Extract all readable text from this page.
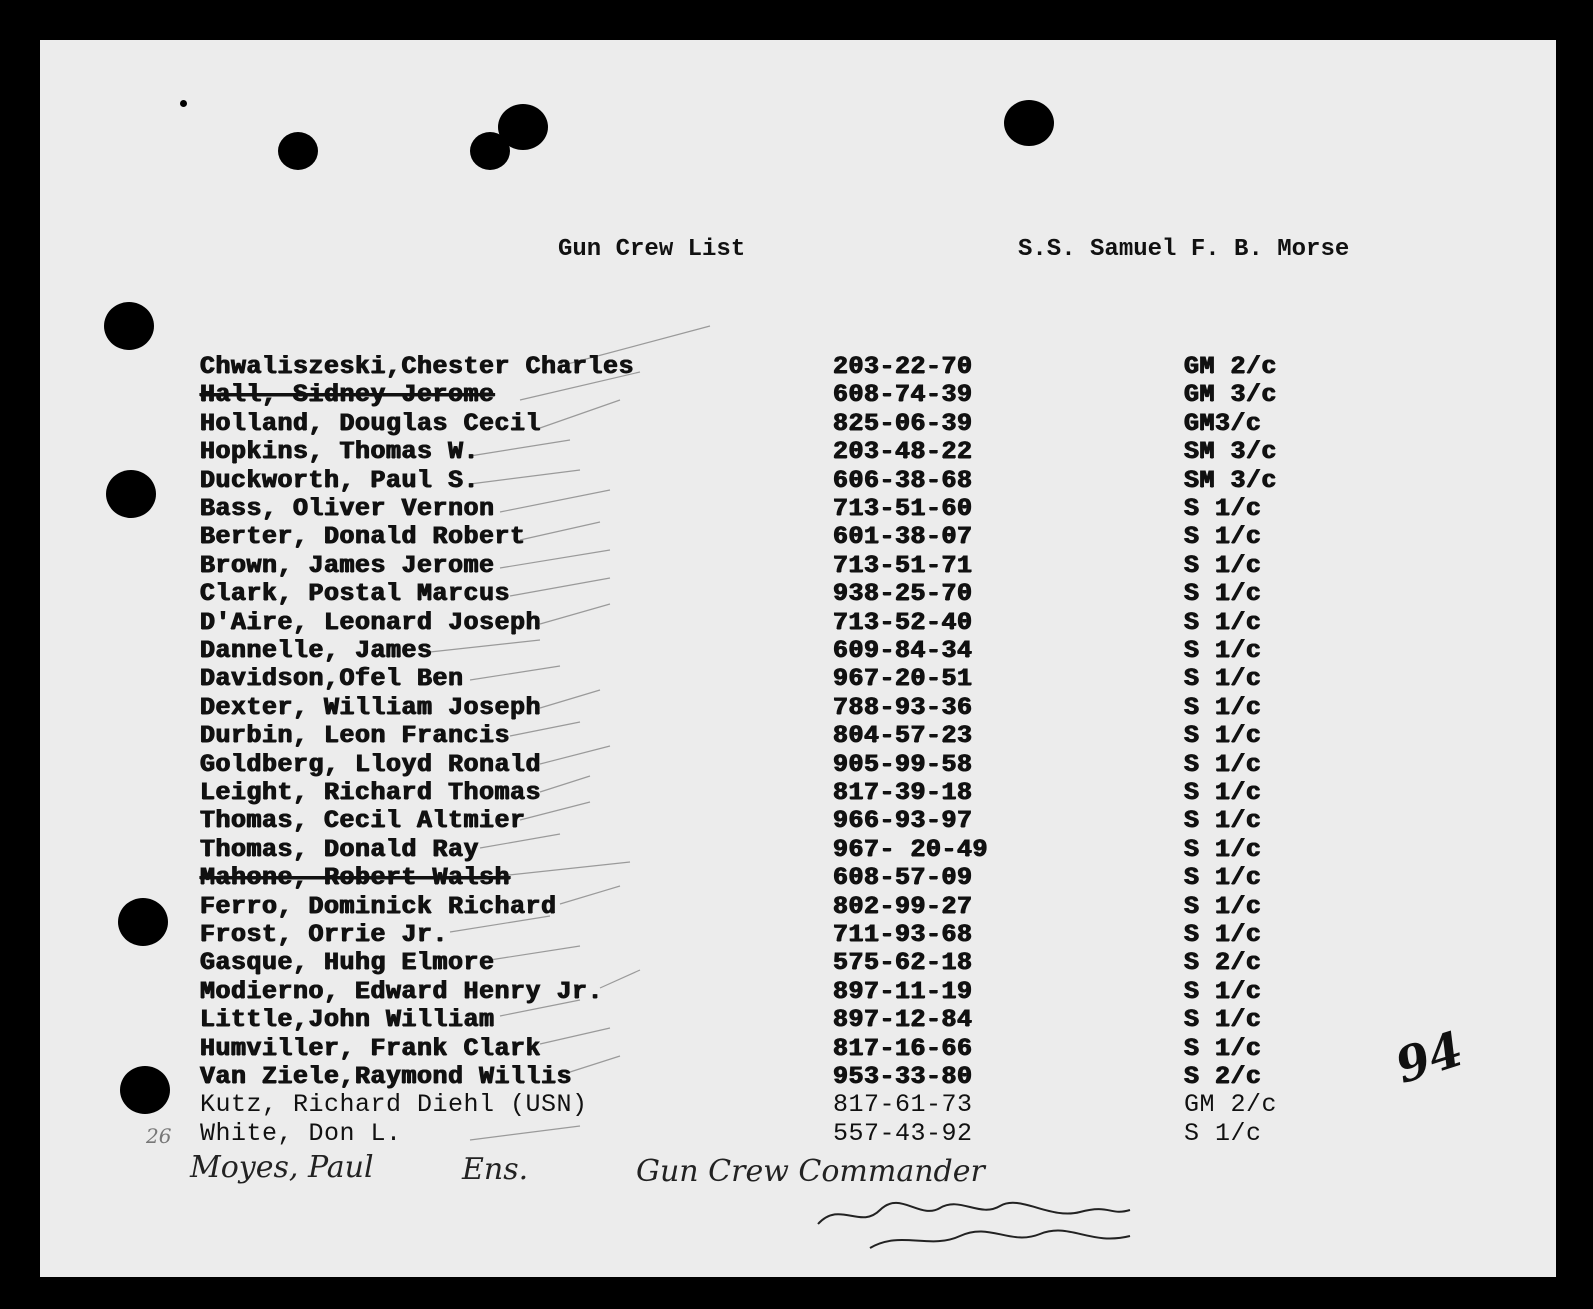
Gun Crew List	S.S. Samuel F. B. Morse
Chwaliszeski,Chester Charles	203-22-70	GM 2/c
Hall, Sidney Jerome	608-74-39	GM 3/c
Holland, Douglas Cecil	825-06-39	GM3/c
Hopkins, Thomas W.	203-48-22	SM 3/c
Duckworth, Paul S.	606-38-68	SM 3/c
Bass, Oliver Vernon	713-51-60	S 1/c
Berter, Donald Robert	601-38-07	S 1/c
Brown, James Jerome	713-51-71	S 1/c
Clark, Postal Marcus	938-25-70	S 1/c
D'Aire, Leonard Joseph	713-52-40	S 1/c
Dannelle, James	609-84-34	S 1/c
Davidson,Ofel Ben	967-20-51	S 1/c
Dexter, William Joseph	788-93-36	S 1/c
Durbin, Leon Francis	804-57-23	S 1/c
Goldberg, Lloyd Ronald	905-99-58	S 1/c
Leight, Richard Thomas	817-39-18	S 1/c
Thomas, Cecil Altmier	966-93-97	S 1/c
Thomas, Donald Ray	967- 20-49	S 1/c
Mahone, Robert Walsh	608-57-09	S 1/c
Ferro, Dominick Richard	802-99-27	S 1/c
Frost, Orrie Jr.	711-93-68	S 1/c
Gasque, Huhg Elmore	575-62-18	S 2/c
Modierno, Edward Henry Jr.	897-11-19	S 1/c
Little,John William	897-12-84	S 1/c
Humviller, Frank Clark	817-16-66	S 1/c
Van Ziele,Raymond Willis	953-33-80	S 2/c
Kutz, Richard Diehl (USN)	817-61-73	GM 2/c
White, Don L.	557-43-92	S 1/c
26
Moyes, Paul	Ens.	Gun Crew Commander
94
